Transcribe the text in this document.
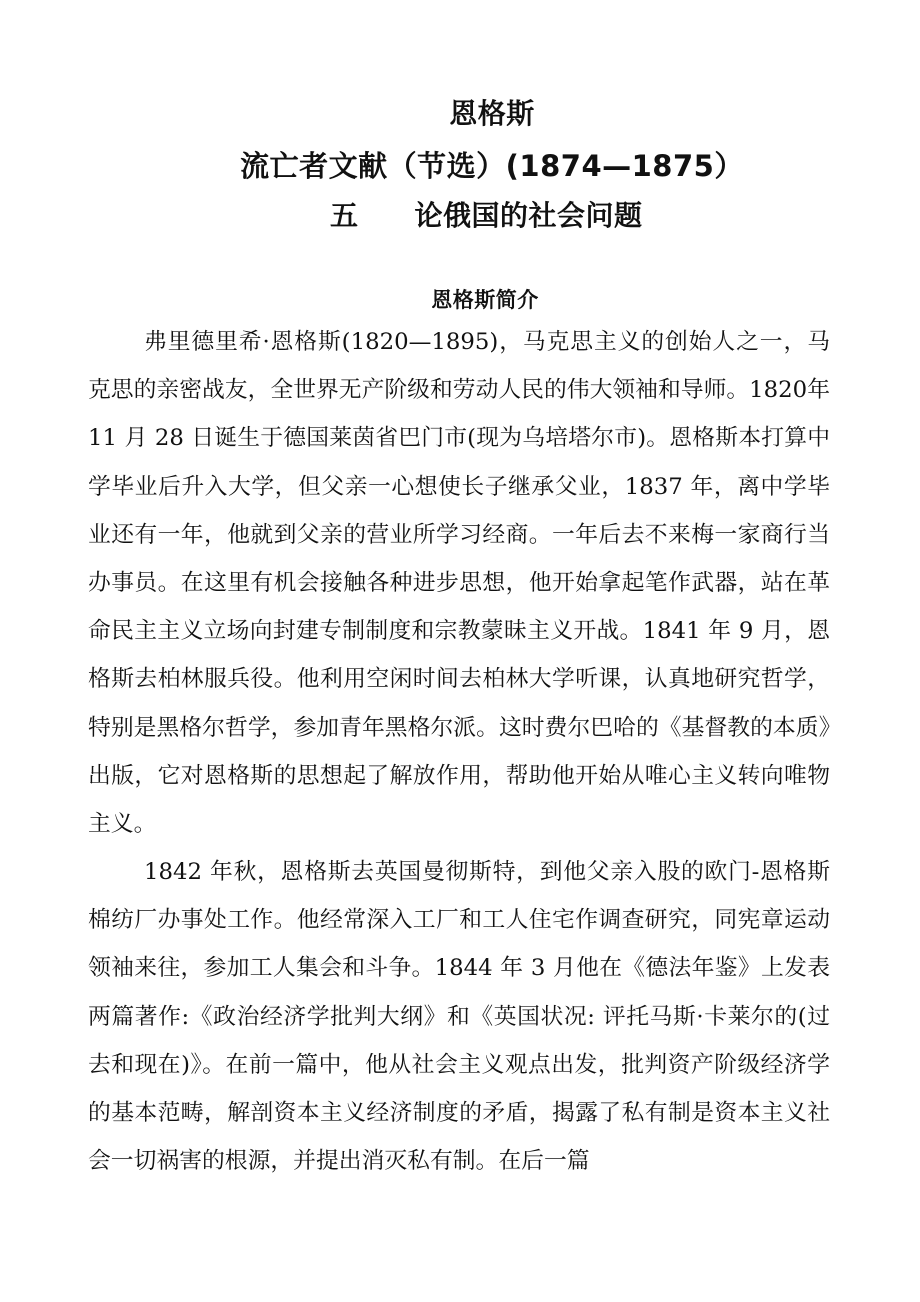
恩格斯
流亡者文献（节选）(1874—1875）
五 论俄国的社会问题
恩格斯简介

弗里德里希·恩格斯(1820—1895)，马克思主义的创始人之一，马克思的亲密战友，全世界无产阶级和劳动人民的伟大领袖和导师。1820年 11 月 28 日诞生于德国莱茵省巴门市(现为乌培塔尔市)。恩格斯本打算中学毕业后升入大学，但父亲一心想使长子继承父业，1837 年，离中学毕业还有一年，他就到父亲的营业所学习经商。一年后去不来梅一家商行当办事员。在这里有机会接触各种进步思想，他开始拿起笔作武器，站在革命民主主义立场向封建专制制度和宗教蒙昧主义开战。1841 年 9 月，恩格斯去柏林服兵役。他利用空闲时间去柏林大学听课，认真地研究哲学，特别是黑格尔哲学，参加青年黑格尔派。这时费尔巴哈的《基督教的本质》出版，它对恩格斯的思想起了解放作用，帮助他开始从唯心主义转向唯物主义。

1842 年秋，恩格斯去英国曼彻斯特，到他父亲入股的欧门-恩格斯棉纺厂办事处工作。他经常深入工厂和工人住宅作调查研究，同宪章运动领袖来往，参加工人集会和斗争。1844 年 3 月他在《德法年鉴》上发表两篇著作:《政治经济学批判大纲》和《英国状况: 评托马斯·卡莱尔的(过去和现在)》。在前一篇中，他从社会主义观点出发，批判资产阶级经济学的基本范畴，解剖资本主义经济制度的矛盾，揭露了私有制是资本主义社会一切祸害的根源，并提出消灭私有制。在后一篇
